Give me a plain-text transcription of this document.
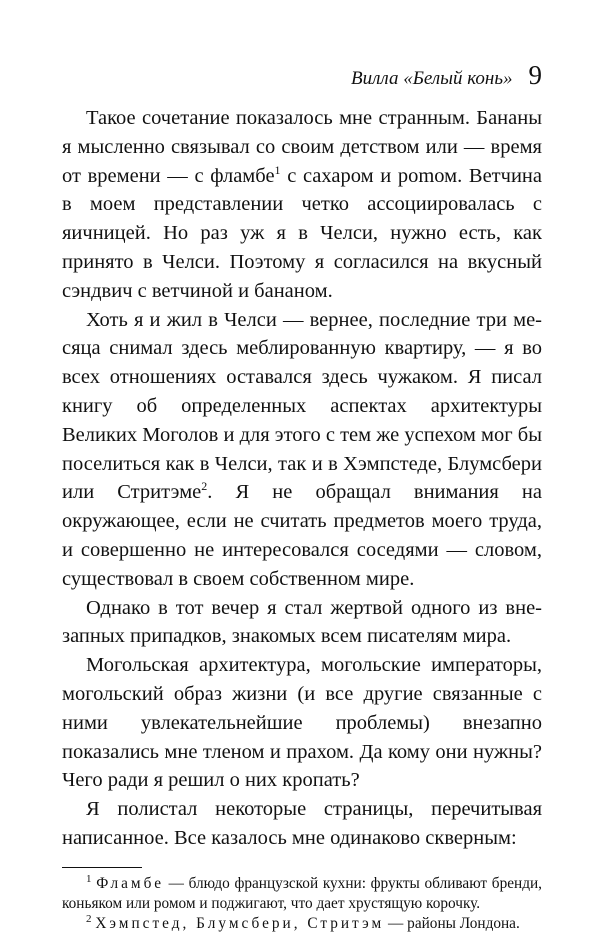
Вилла «Белый конь» 9

Такое сочетание показалось мне странным. Бананы я мысленно связывал со своим детством или — время от времени — с фламбе$^1$ с сахаром и роmом. Ветчина в моем представлении четко ассоциировалась с яичницей. Но раз уж я в Челси, нужно есть, как принято в Челси. Поэтому я согласился на вкусный сэндвич с ветчиной и бананом.

Хоть я и жил в Челси — вернее, последние три месяца снимал здесь меблированную квартиру, — я во всех отношениях оставался здесь чужаком. Я писал книгу об определенных аспектах архитектуры Великих Моголов и для этого с тем же успехом мог бы поселиться как в Челси, так и в Хэмпстеде, Блумсбери или Стритэме$^2$. Я не обращал внимания на окружающее, если не считать предметов моего труда, и совершенно не интересовался соседями — словом, существовал в своем собственном мире.

Однако в тот вечер я стал жертвой одного из внезапных припадков, знакомых всем писателям мира.

Могольская архитектура, могольские императоры, могольский образ жизни (и все другие связанные с ними увлекательнейшие проблемы) внезапно показались мне тленом и прахом. Да кому они нужны? Чего ради я решил о них кропать?

Я полистал некоторые страницы, перечитывая написанное. Все казалось мне одинаково скверным:

$^1$ Фламбе — блюдо французской кухни: фрукты обливают бренди, коньяком или ромом и поджигают, что дает хрустящую корочку.

$^2$ Хэмпстед, Блумсбери, Стритэм — районы Лондона.
